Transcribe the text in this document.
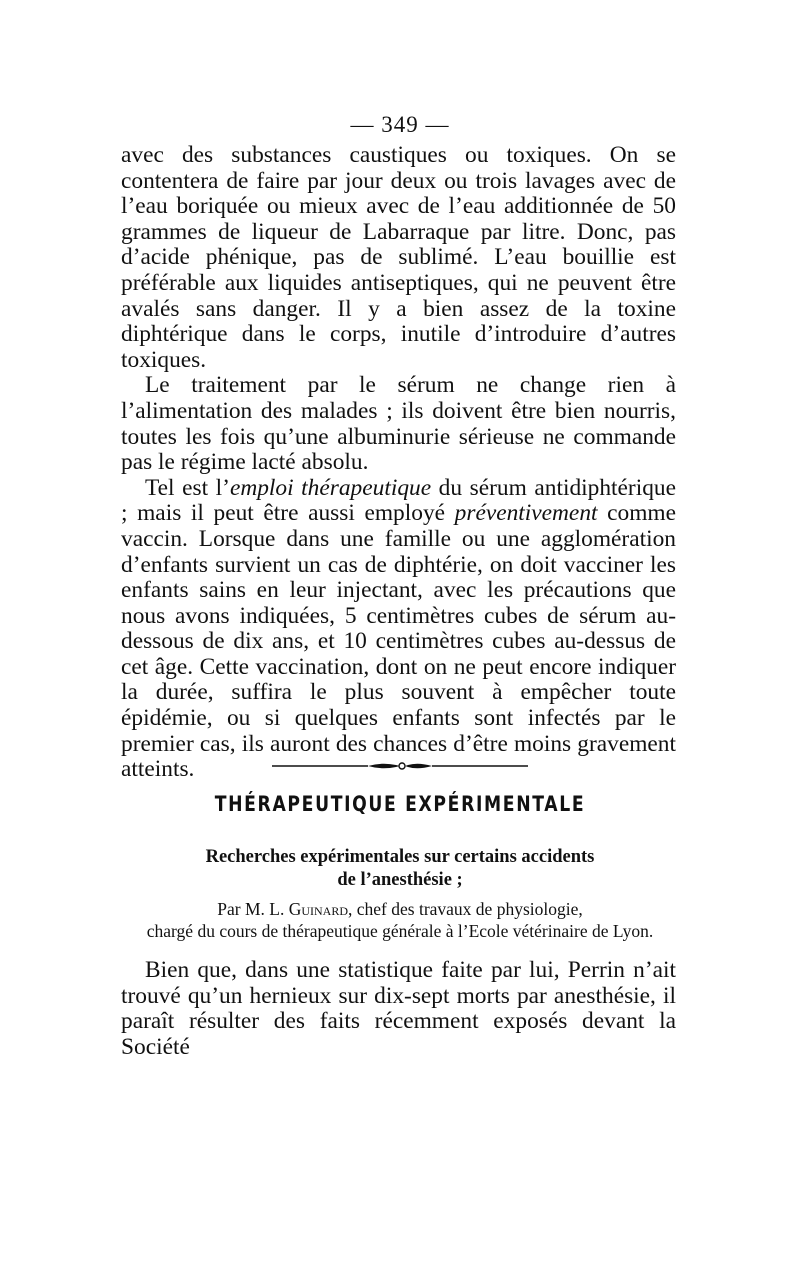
— 349 —

avec des substances caustiques ou toxiques. On se contentera de faire par jour deux ou trois lavages avec de l’eau boriquée ou mieux avec de l’eau additionnée de 50 grammes de liqueur de Labarraque par litre. Donc, pas d’acide phénique, pas de sublimé. L’eau bouillie est préférable aux liquides antiseptiques, qui ne peuvent être avalés sans danger. Il y a bien assez de la toxine diphtérique dans le corps, inutile d’introduire d’autres toxiques.

Le traitement par le sérum ne change rien à l’alimentation des malades ; ils doivent être bien nourris, toutes les fois qu’une albuminurie sérieuse ne commande pas le régime lacté absolu.

Tel est l’emploi thérapeutique du sérum antidiphtérique ; mais il peut être aussi employé préventivement comme vaccin. Lorsque dans une famille ou une agglomération d’enfants survient un cas de diphtérie, on doit vacciner les enfants sains en leur injectant, avec les précautions que nous avons indiquées, 5 centimètres cubes de sérum au-dessous de dix ans, et 10 centimètres cubes au-dessus de cet âge. Cette vaccination, dont on ne peut encore indiquer la durée, suffira le plus souvent à empêcher toute épidémie, ou si quelques enfants sont infectés par le premier cas, ils auront des chances d’être moins gravement atteints.

THÉRAPEUTIQUE EXPÉRIMENTALE
Recherches expérimentales sur certains accidents
de l’anesthésie ;
Par M. L. Guinard, chef des travaux de physiologie,
chargé du cours de thérapeutique générale à l’Ecole vétérinaire de Lyon.

Bien que, dans une statistique faite par lui, Perrin n’ait trouvé qu’un hernieux sur dix-sept morts par anesthésie, il paraît résulter des faits récemment exposés devant la Société
